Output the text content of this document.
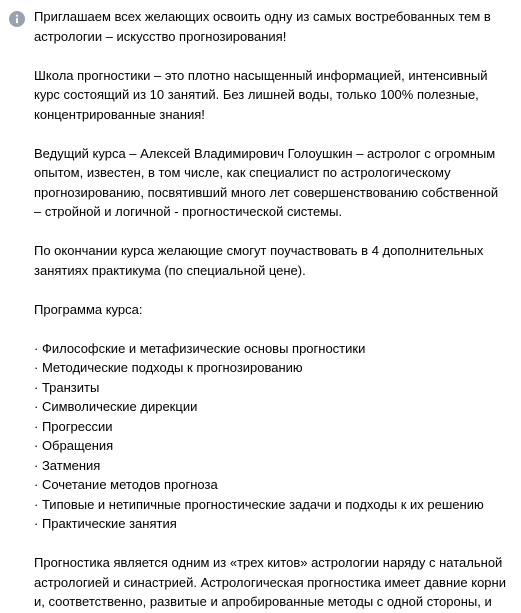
Приглашаем всех желающих освоить одну из самых востребованных тем в
астрологии – искусство прогнозирования!

Школа прогностики – это плотно насыщенный информацией, интенсивный
курс состоящий из 10 занятий. Без лишней воды, только 100% полезные,
концентрированные знания!

Ведущий курса – Алексей Владимирович Голоушкин – астролог с огромным
опытом, известен, в том числе, как специалист по астрологическому
прогнозированию, посвятивший много лет совершенствованию собственной
– стройной и логичной - прогностической системы.

По окончании курса желающие смогут поучаствовать в 4 дополнительных
занятиях практикума (по специальной цене).

Программа курса:

· Философские и метафизические основы прогностики
· Методические подходы к прогнозированию
· Транзиты
· Символические дирекции
· Прогрессии
· Обращения
· Затмения
· Сочетание методов прогноза
· Типовые и нетипичные прогностические задачи и подходы к их решению
· Практические занятия

Прогностика является одним из «трех китов» астрологии наряду с натальной
астрологией и синастрией. Астрологическая прогностика имеет давние корни
и, соответственно, развитые и апробированные методы с одной стороны, и
